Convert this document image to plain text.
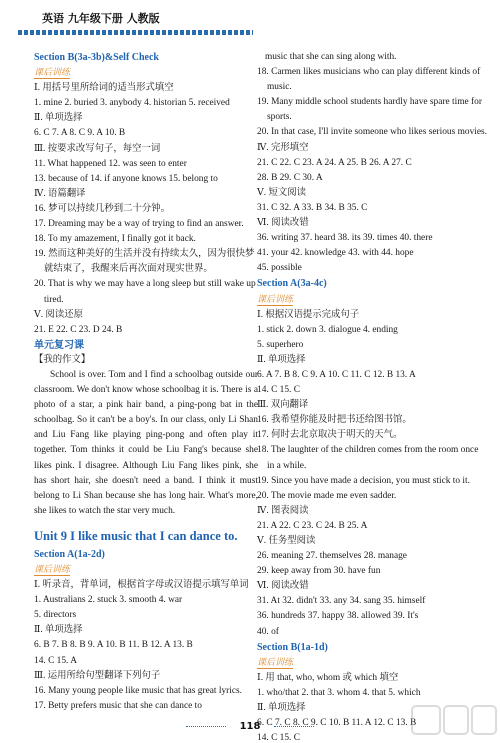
英语 九年级下册 人教版
Section B(3a-3b)&Self Check
课后训练
Ⅰ. 用括号里所给词的适当形式填空
1. mine 2. buried 3. anybody 4. historian 5. received
Ⅱ. 单项选择
6. C 7. A 8. C 9. A 10. B
Ⅲ. 按要求改写句子，每空一词
11. What happened 12. was seen to enter
13. because of 14. if anyone knows 15. belong to
Ⅳ. 语篇翻译
16. 梦可以持续几秒到二十分钟。
17. Dreaming may be a way of trying to find an answer.
18. To my amazement, I finally got it back.
19. 然而这种美好的生活并没有持续太久，因为很快梦就结束了，我醒来后再次面对现实世界。
20. That is why we may have a long sleep but still wake up tired.
Ⅴ. 阅读还原
21. E 22. C 23. D 24. B
单元复习课
【我的作文】
School is over. Tom and I find a schoolbag outside our classroom. We don't know whose schoolbag it is. There is a photo of a star, a pink hair band, a ping-pong bat in the schoolbag. So it can't be a boy's. In our class, only Li Shan and Liu Fang like playing ping-pong and often play it together. Tom thinks it could be Liu Fang's because she likes pink. I disagree. Although Liu Fang likes pink, she has short hair, she doesn't need a band. I think it must belong to Li Shan because she has long hair. What's more, she likes to watch the star very much.
Unit 9 I like music that I can dance to.
Section A(1a-2d)
课后训练
Ⅰ. 听录音，背单词，根据首字母或汉语提示填写单词
1. Australians 2. stuck 3. smooth 4. war
5. directors
Ⅱ. 单项选择
6. B 7. B 8. B 9. A 10. B 11. B 12. A 13. B
14. C 15. A
Ⅲ. 运用所给句型翻译下列句子
16. Many young people like music that has great lyrics.
17. Betty prefers music that she can dance to
music that she can sing along with.
18. Carmen likes musicians who can play different kinds of music.
19. Many middle school students hardly have spare time for sports.
20. In that case, I'll invite someone who likes serious movies.
Ⅳ. 完形填空
21. C 22. C 23. A 24. A 25. B 26. A 27. C
28. B 29. C 30. A
Ⅴ. 短文阅读
31. C 32. A 33. B 34. B 35. C
Ⅵ. 阅读改错
36. writing 37. heard 38. its 39. times 40. there
41. your 42. knowledge 43. with 44. hope
45. possible
Section A(3a-4c)
课后训练
Ⅰ. 根据汉语提示完成句子
1. stick 2. down 3. dialogue 4. ending
5. superhero
Ⅱ. 单项选择
6. A 7. B 8. C 9. A 10. C 11. C 12. B 13. A
14. C 15. C
Ⅲ. 双向翻译
16. 我希望你能及时把书还给图书馆。
17. 何时去北京取决于明天的天气。
18. The laughter of the children comes from the room once in a while.
19. Since you have made a decision, you must stick to it.
20. The movie made me even sadder.
Ⅳ. 图表阅读
21. A 22. C 23. C 24. B 25. A
Ⅴ. 任务型阅读
26. meaning 27. themselves 28. manage
29. keep away from 30. have fun
Ⅵ. 阅读改错
31. At 32. didn't 33. any 34. sang 35. himself
36. hundreds 37. happy 38. allowed 39. It's
40. of
Section B(1a-1d)
课后训练
Ⅰ. 用 that, who, whom 或 which 填空
1. who/that 2. that 3. whom 4. that 5. which
Ⅱ. 单项选择
6. C 7. C 8. C 9. C 10. B 11. A 12. C 13. B
14. C 15. C
118
